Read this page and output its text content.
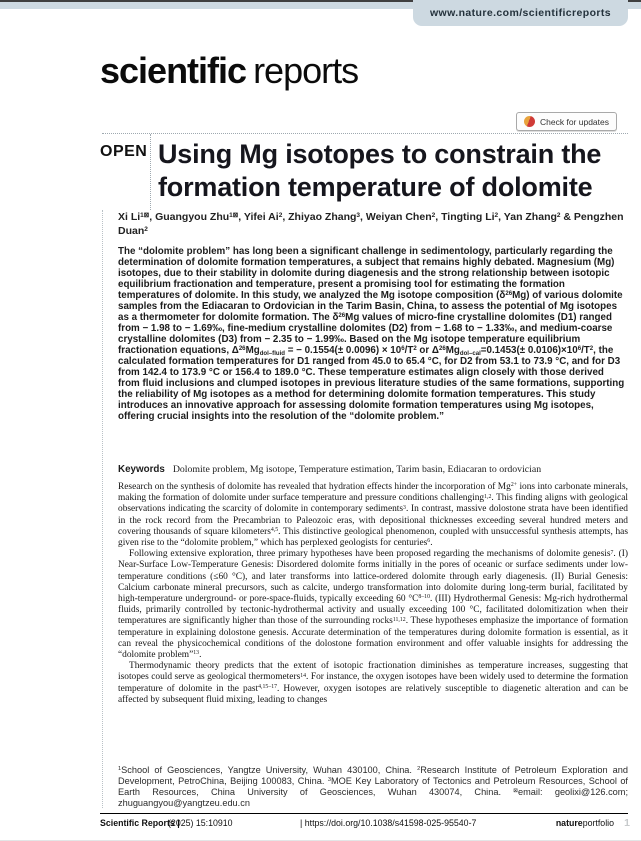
www.nature.com/scientificreports
scientific reports
Check for updates
OPEN Using Mg isotopes to constrain the
formation temperature of dolomite
Xi $Li^{1⊠}$, Guangyou Zhu$^{1⊠}$, Yifei Ai$^2$, Zhiyao Zhang$^3$, Weiyan Chen$^2$, Tingting Li$^2$, Yan Zhang$^2$ & Pengzhen Duan$^2$
The “dolomite problem” has long been a significant challenge in sedimentology, particularly regarding the determination of dolomite formation temperatures, a subject that remains highly debated. Magnesium (Mg) isotopes, due to their stability in dolomite during diagenesis and the strong relationship between isotopic equilibrium fractionation and temperature, present a promising tool for estimating the formation temperatures of dolomite. In this study, we analyzed the Mg isotope composition $(\delta^{26}Mg)$ of various dolomite samples from the Ediacaran to Ordovician in the Tarim Basin, China, to assess the potential of Mg isotopes as a thermometer for dolomite formation. The $\delta^{26}Mg$ values of micro-fine crystalline dolomites (D1) ranged from − 1.98 to − 1.69‰, fine-medium crystalline dolomites (D2) from − 1.68 to − 1.33‰, and medium-coarse crystalline dolomites (D3) from − 2.35 to − 1.99‰. Based on the Mg isotope temperature equilibrium fractionation equations, $\Delta^{26}Mg_{dol-fluid}$ = − $0.1554(\pm 0.0096) \times 10^6/T^2$ or $\Delta^{26}Mg_{dol-cal}=0.1453(\pm 0.0106)\times 10^6/T^2$, the calculated formation temperatures for D1 ranged from 45.0 to 65.4 °C, for D2 from 53.1 to 73.9 °C, and for D3 from 142.4 to 173.9 °C or 156.4 to 189.0 °C. These temperature estimates align closely with those derived from fluid inclusions and clumped isotopes in previous literature studies of the same formations, supporting the reliability of Mg isotopes as a method for determining dolomite formation temperatures. This study introduces an innovative approach for assessing dolomite formation temperatures using Mg isotopes, offering crucial insights into the resolution of the “dolomite problem.”
Keywords Dolomite problem, Mg isotope, Temperature estimation, Tarim basin, Ediacaran to ordovician

Research on the synthesis of dolomite has revealed that hydration effects hinder the incorporation of $Mg^{2+}$ ions into carbonate minerals, making the formation of dolomite under surface temperature and pressure conditions challenging$^{1,2}$. This finding aligns with geological observations indicating the scarcity of dolomite in contemporary sediments$^3$. In contrast, massive dolostone strata have been identified in the rock record from the Precambrian to Paleozoic eras, with depositional thicknesses exceeding several hundred meters and covering thousands of square kilometers$^{4,5}$. This distinctive geological phenomenon, coupled with unsuccessful synthesis attempts, has given rise to the “dolomite problem,” which has perplexed geologists for centuries$^6$.

Following extensive exploration, three primary hypotheses have been proposed regarding the mechanisms of dolomite genesis$^7$. (I) Near-Surface Low-Temperature Genesis: Disordered dolomite forms initially in the pores of oceanic or surface sediments under low-temperature conditions (≤60 °C), and later transforms into lattice-ordered dolomite through early diagenesis. (II) Burial Genesis: Calcium carbonate mineral precursors, such as calcite, undergo transformation into dolomite during long-term burial, facilitated by high-temperature underground- or pore-space-fluids, typically exceeding 60 $^\circ C^{8-10}$. (III) Hydrothermal Genesis: Mg-rich hydrothermal fluids, primarily controlled by tectonic-hydrothermal activity and usually exceeding 100 °C, facilitated dolomitization when their temperatures are significantly higher than those of the surrounding rocks$^{11,12}$. These hypotheses emphasize the importance of formation temperature in explaining dolostone genesis. Accurate determination of the temperatures during dolomite formation is essential, as it can reveal the physicochemical conditions of the dolostone formation environment and offer valuable insights for addressing the “dolomite problem”$^{13}$.

Thermodynamic theory predicts that the extent of isotopic fractionation diminishes as temperature increases, suggesting that isotopes could serve as geological thermometers$^{14}$. For instance, the oxygen isotopes have been widely used to determine the formation temperature of dolomite in the past$^{4,15-17}$. However, oxygen isotopes are relatively susceptible to diagenetic alteration and can be affected by subsequent fluid mixing, leading to changes

$^1$School of Geosciences, Yangtze University, Wuhan 430100, China. $^2$Research Institute of Petroleum Exploration and Development, PetroChina, Beijing 100083, China. $^3$MOE Key Laboratory of Tectonics and Petroleum Resources, School of Earth Resources, China University of Geosciences, Wuhan 430074, China. ⊠email: geolixi@126.com; zhuguangyou@yangtzeu.edu.cn
Scientific Reports |
(2025) 15:10910	| https://doi.org/10.1038/s41598-025-95540-7	natureportfolio 1
